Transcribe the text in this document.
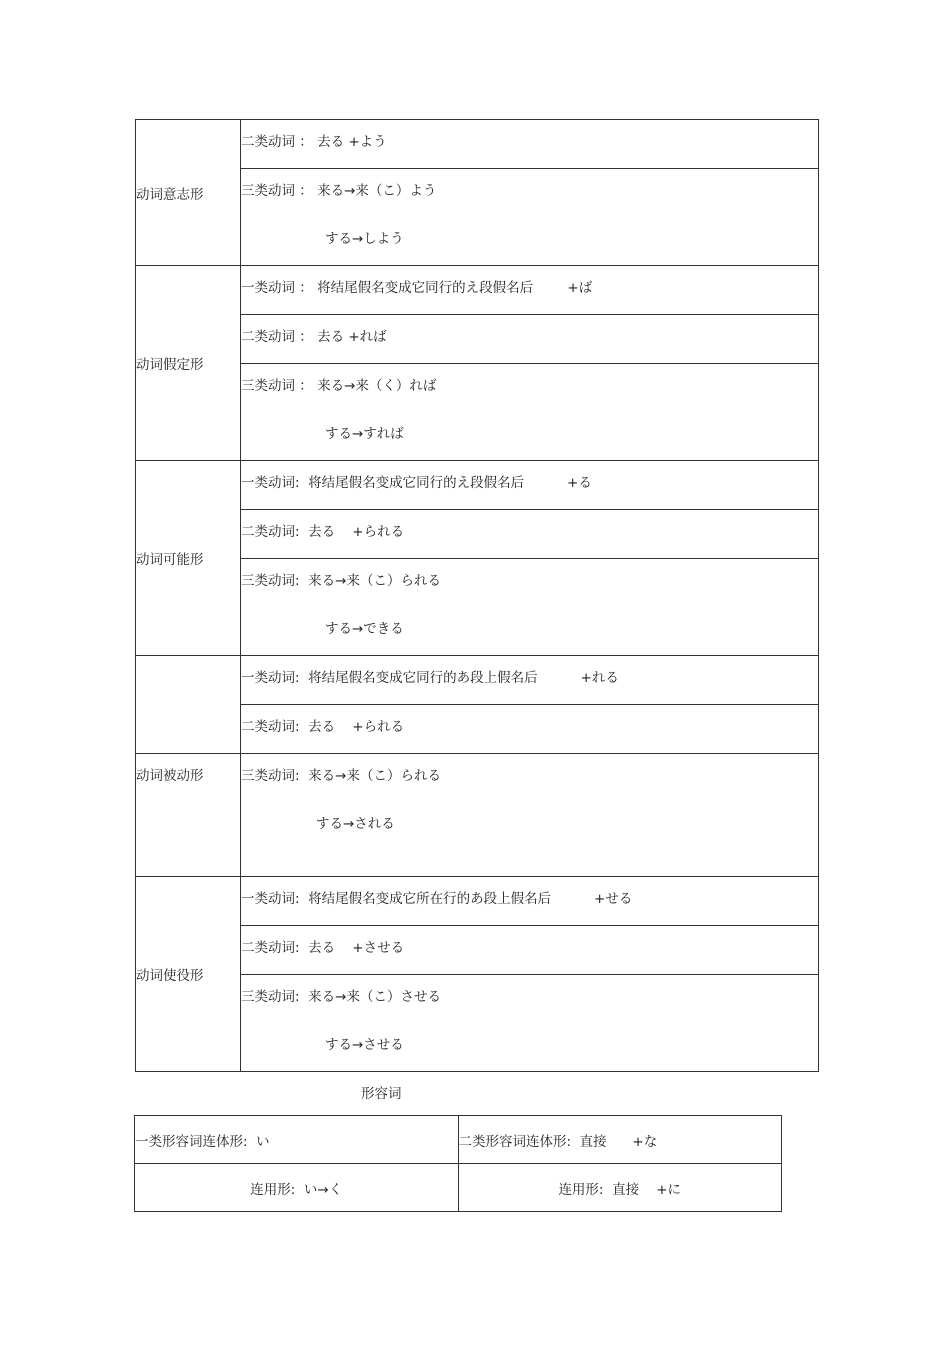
动词意志形	二类动词 ： 去る +よう

	三类动词 ： 来る→来（こ）よう
する→しよう

动词假定形	一类动词 ： 将结尾假名变成它同行的え段假名后        +ば

	二类动词 ： 去る +れば

	三类动词 ： 来る→来（く）れば
する→すれば

动词可能形	一类动词:  将结尾假名变成它同行的え段假名后          +る

	二类动词:  去る    +られる

	三类动词:  来る→来（こ）られる
する→できる

	一类动词:  将结尾假名变成它同行的あ段上假名后          +れる

	二类动词:  去る    +られる

动词被动形	三类动词:  来る→来（こ）られる
する→される

动词使役形	一类动词:  将结尾假名变成它所在行的あ段上假名后          +せる

	二类动词:  去る    +させる

	三类动词:  来る→来（こ）させる
する→させる
形容词
一类形容词连体形:  い	二类形容词连体形:  直接      +な
连用形:  い→く	连用形:  直接    +に
